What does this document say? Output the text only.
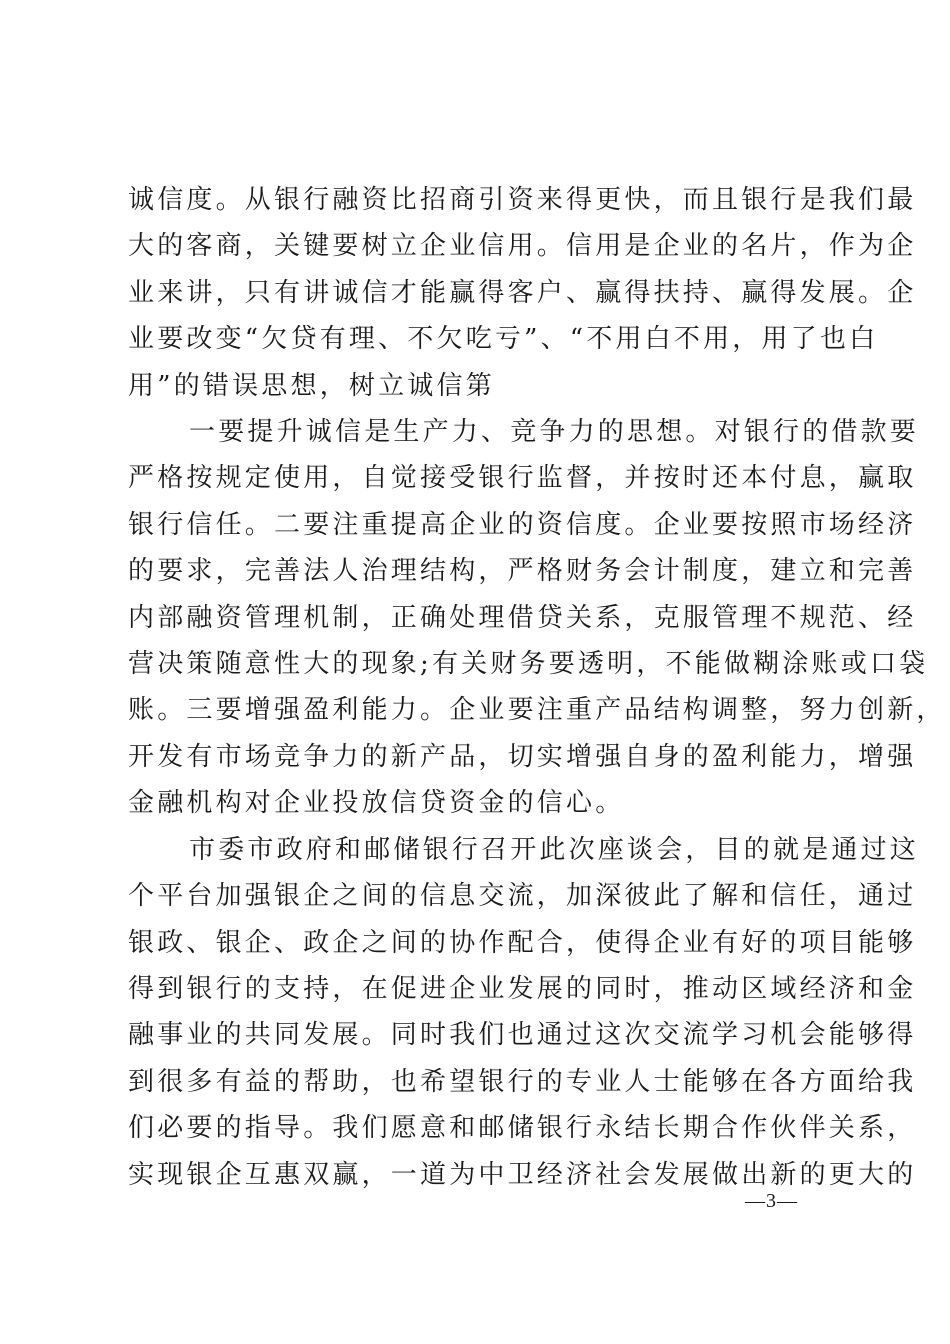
诚信度。从银行融资比招商引资来得更快，而且银行是我们最
大的客商，关键要树立企业信用。信用是企业的名片，作为企
业来讲，只有讲诚信才能赢得客户、赢得扶持、赢得发展。企
业要改变“欠贷有理、不欠吃亏”、“不用白不用，用了也白
用”的错误思想，树立诚信第

一要提升诚信是生产力、竞争力的思想。对银行的借款要
严格按规定使用，自觉接受银行监督，并按时还本付息，赢取
银行信任。二要注重提高企业的资信度。企业要按照市场经济
的要求，完善法人治理结构，严格财务会计制度，建立和完善
内部融资管理机制，正确处理借贷关系，克服管理不规范、经
营决策随意性大的现象;有关财务要透明，不能做糊涂账或口袋
账。三要增强盈利能力。企业要注重产品结构调整，努力创新，
开发有市场竞争力的新产品，切实增强自身的盈利能力，增强
金融机构对企业投放信贷资金的信心。

市委市政府和邮储银行召开此次座谈会，目的就是通过这
个平台加强银企之间的信息交流，加深彼此了解和信任，通过
银政、银企、政企之间的协作配合，使得企业有好的项目能够
得到银行的支持，在促进企业发展的同时，推动区域经济和金
融事业的共同发展。同时我们也通过这次交流学习机会能够得
到很多有益的帮助，也希望银行的专业人士能够在各方面给我
们必要的指导。我们愿意和邮储银行永结长期合作伙伴关系，
实现银企互惠双赢，一道为中卫经济社会发展做出新的更大的

—3—
